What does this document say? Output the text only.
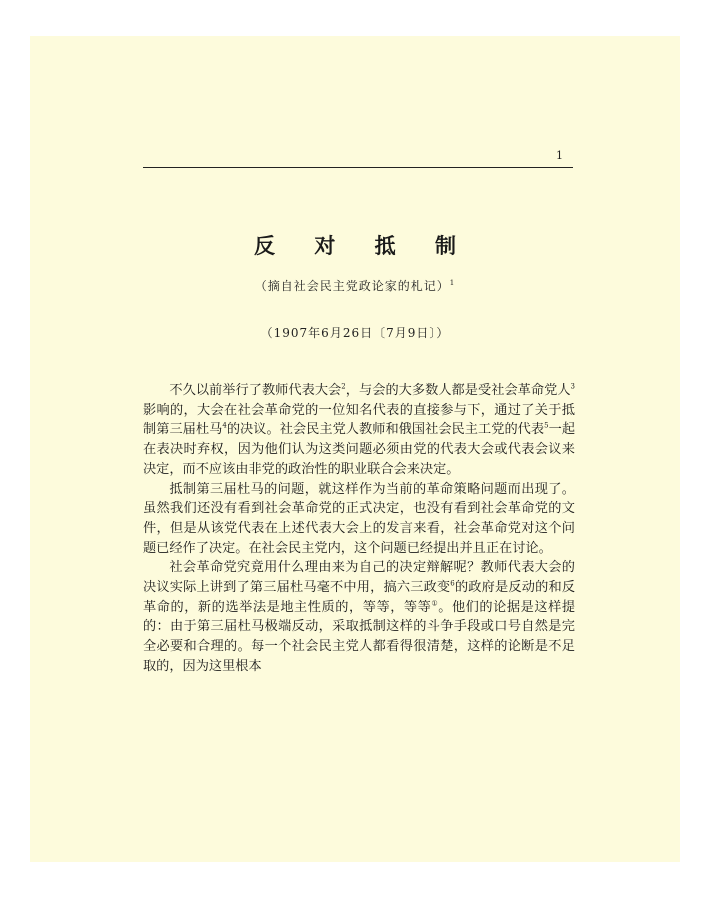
1
反 对 抵 制
（摘自社会民主党政论家的札记）$^1$
（1907年6月26日〔7月9日〕）

不久以前举行了教师代表大会$^2$，与会的大多数人都是受社会革命党人$^3$影响的，大会在社会革命党的一位知名代表的直接参与下，通过了关于抵制第三届杜马$^4$的决议。社会民主党人教师和俄国社会民主工党的代表$^5$一起在表决时弃权，因为他们认为这类问题必须由党的代表大会或代表会议来决定，而不应该由非党的政治性的职业联合会来决定。

抵制第三届杜马的问题，就这样作为当前的革命策略问题而出现了。虽然我们还没有看到社会革命党的正式决定，也没有看到社会革命党的文件，但是从该党代表在上述代表大会上的发言来看，社会革命党对这个问题已经作了决定。在社会民主党内，这个问题已经提出并且正在讨论。

社会革命党究竟用什么理由来为自己的决定辩解呢？教师代表大会的决议实际上讲到了第三届杜马毫不中用，搞六三政变$^6$的政府是反动的和反革命的，新的选举法是地主性质的，等等，等等①。他们的论据是这样提的：由于第三届杜马极端反动，采取抵制这样的斗争手段或口号自然是完全必要和合理的。每一个社会民主党人都看得很清楚，这样的论断是不足取的，因为这里根本
